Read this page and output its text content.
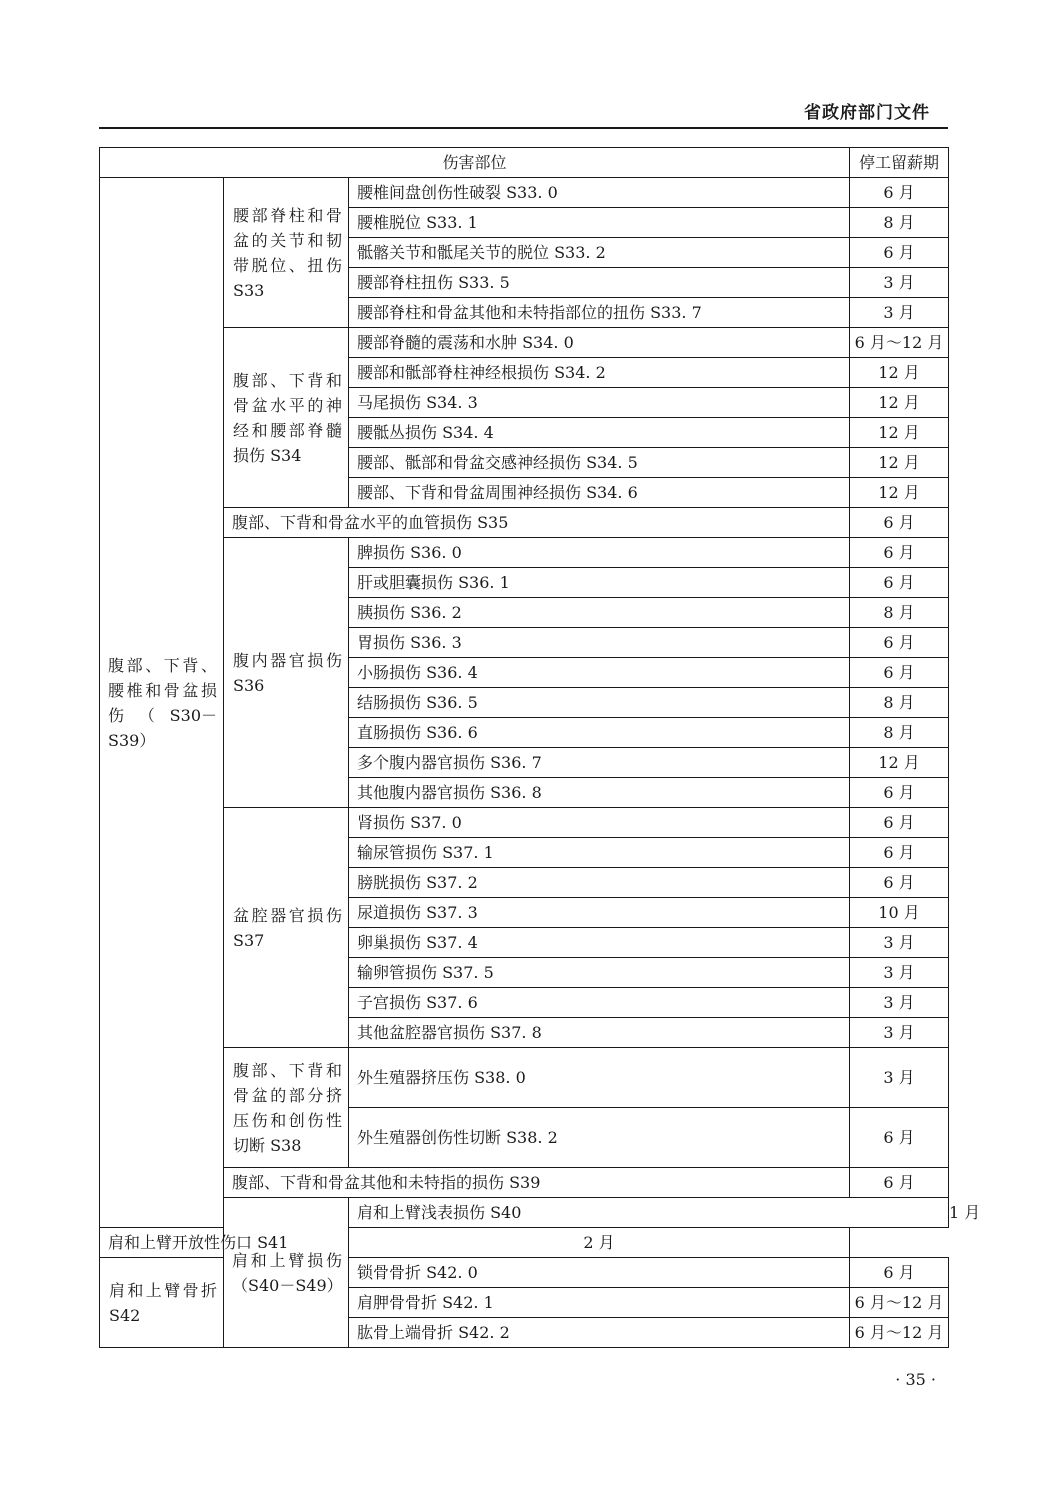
省政府部门文件
伤害部位			停工留薪期	
腹部、下背、腰椎和骨盆损伤（S30－S39）	腰部脊柱和骨盆的关节和韧带脱位、扭伤 S33	腰椎间盘创伤性破裂 S33. 0	6 月	
		腰椎脱位 S33. 1	8 月	
		骶髂关节和骶尾关节的脱位 S33. 2	6 月	
		腰部脊柱扭伤 S33. 5	3 月	
		腰部脊柱和骨盆其他和未特指部位的扭伤 S33. 7	3 月	
	腹部、下背和骨盆水平的神经和腰部脊髓损伤 S34	腰部脊髓的震荡和水肿 S34. 0	6 月～12 月	
		腰部和骶部脊柱神经根损伤 S34. 2	12 月	
		马尾损伤 S34. 3	12 月	
		腰骶丛损伤 S34. 4	12 月	
		腰部、骶部和骨盆交感神经损伤 S34. 5	12 月	
		腰部、下背和骨盆周围神经损伤 S34. 6	12 月	
	腹部、下背和骨盆水平的血管损伤 S35		6 月	
	腹内器官损伤 S36	脾损伤 S36. 0	6 月	
		肝或胆囊损伤 S36. 1	6 月	
		胰损伤 S36. 2	8 月	
		胃损伤 S36. 3	6 月	
		小肠损伤 S36. 4	6 月	
		结肠损伤 S36. 5	8 月	
		直肠损伤 S36. 6	8 月	
		多个腹内器官损伤 S36. 7	12 月	
		其他腹内器官损伤 S36. 8	6 月	
	盆腔器官损伤 S37	肾损伤 S37. 0	6 月	
		输尿管损伤 S37. 1	6 月	
		膀胱损伤 S37. 2	6 月	
		尿道损伤 S37. 3	10 月	
		卵巢损伤 S37. 4	3 月	
		输卵管损伤 S37. 5	3 月	
		子宫损伤 S37. 6	3 月	
		其他盆腔器官损伤 S37. 8	3 月	
	腹部、下背和骨盆的部分挤压伤和创伤性切断 S38	外生殖器挤压伤 S38. 0	3 月	
		外生殖器创伤性切断 S38. 2	6 月	
	腹部、下背和骨盆其他和未特指的损伤 S39		6 月	
	肩和上臂损伤（S40－S49）	肩和上臂浅表损伤 S40		1 月
肩和上臂开放性伤口 S41		2 月		
肩和上臂骨折 S42		锁骨骨折 S42. 0	6 月	
		肩胛骨骨折 S42. 1	6 月～12 月	
		肱骨上端骨折 S42. 2	6 月～12 月	
· 35 ·
